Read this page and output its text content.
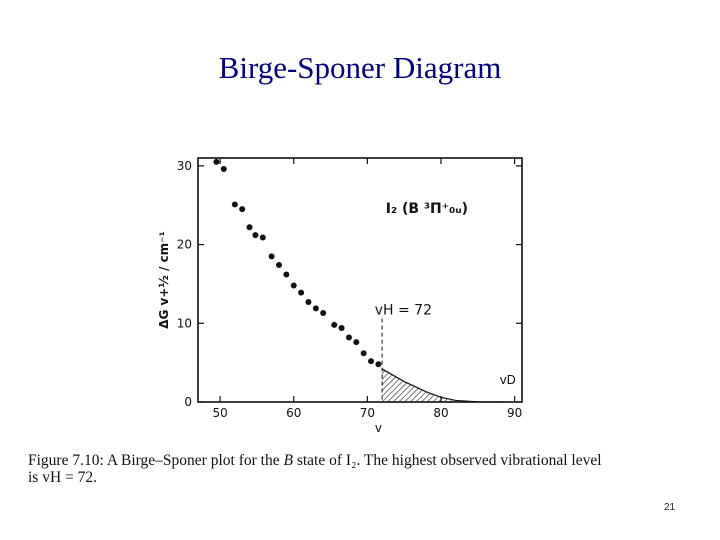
Birge-Sponer Diagram
50	60	70	80	90
0
10
20
30
v
ΔG v+½ / cm⁻¹
I₂ (B ³Π⁺₀ᵤ)
vH = 72
vD
Figure 7.10: A Birge–Sponer plot for the B state of I₂. The highest observed vibrational level
is vH = 72.
21
